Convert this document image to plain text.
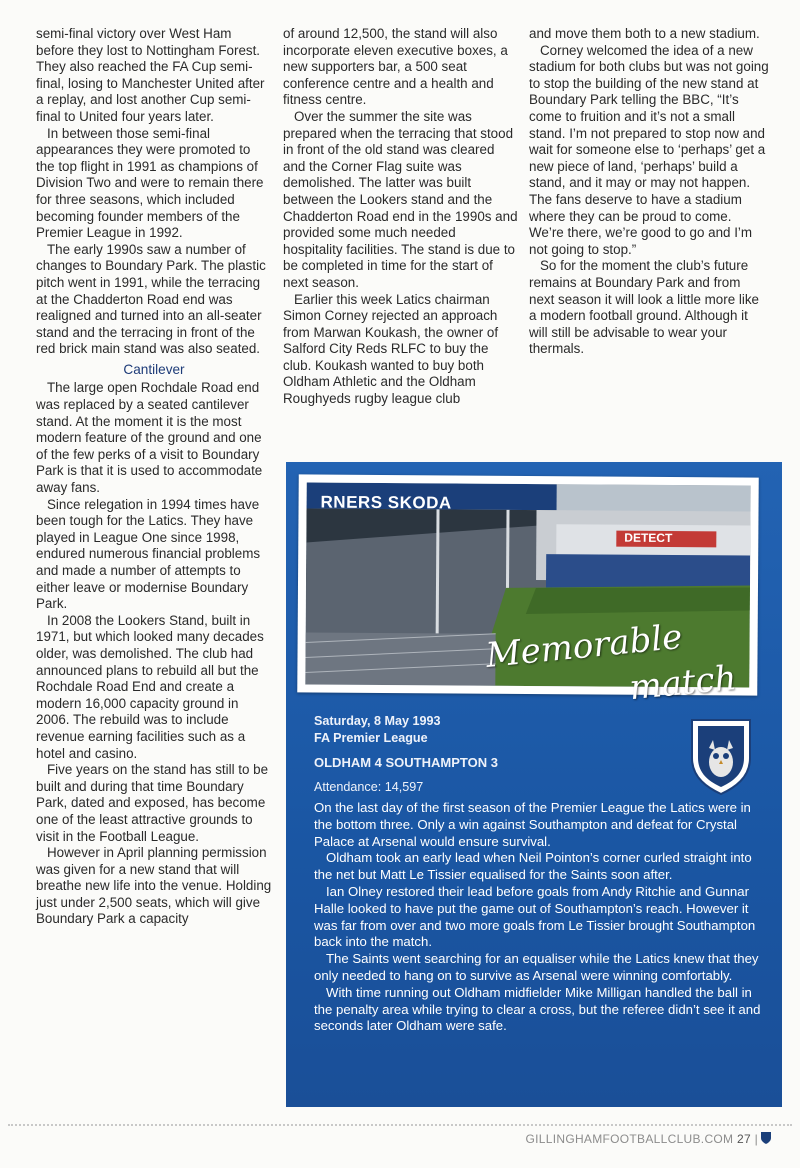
semi-final victory over West Ham before they lost to Nottingham Forest. They also reached the FA Cup semi-final, losing to Manchester United after a replay, and lost another Cup semi-final to United four years later.

In between those semi-final appearances they were promoted to the top flight in 1991 as champions of Division Two and were to remain there for three seasons, which included becoming founder members of the Premier League in 1992.

The early 1990s saw a number of changes to Boundary Park. The plastic pitch went in 1991, while the terracing at the Chadderton Road end was realigned and turned into an all-seater stand and the terracing in front of the red brick main stand was also seated.

Cantilever

The large open Rochdale Road end was replaced by a seated cantilever stand. At the moment it is the most modern feature of the ground and one of the few perks of a visit to Boundary Park is that it is used to accommodate away fans.

Since relegation in 1994 times have been tough for the Latics. They have played in League One since 1998, endured numerous financial problems and made a number of attempts to either leave or modernise Boundary Park.

In 2008 the Lookers Stand, built in 1971, but which looked many decades older, was demolished. The club had announced plans to rebuild all but the Rochdale Road End and create a modern 16,000 capacity ground in 2006. The rebuild was to include revenue earning facilities such as a hotel and casino.

Five years on the stand has still to be built and during that time Boundary Park, dated and exposed, has become one of the least attractive grounds to visit in the Football League.

However in April planning permission was given for a new stand that will breathe new life into the venue. Holding just under 2,500 seats, which will give Boundary Park a capacity

of around 12,500, the stand will also incorporate eleven executive boxes, a new supporters bar, a 500 seat conference centre and a health and fitness centre.

Over the summer the site was prepared when the terracing that stood in front of the old stand was cleared and the Corner Flag suite was demolished. The latter was built between the Lookers stand and the Chadderton Road end in the 1990s and provided some much needed hospitality facilities. The stand is due to be completed in time for the start of next season.

Earlier this week Latics chairman Simon Corney rejected an approach from Marwan Koukash, the owner of Salford City Reds RLFC to buy the club. Koukash wanted to buy both Oldham Athletic and the Oldham Roughyeds rugby league club

and move them both to a new stadium.

Corney welcomed the idea of a new stadium for both clubs but was not going to stop the building of the new stand at Boundary Park telling the BBC, “It’s come to fruition and it’s not a small stand. I’m not prepared to stop now and wait for someone else to ‘perhaps’ get a new piece of land, ‘perhaps’ build a stand, and it may or may not happen. The fans deserve to have a stadium where they can be proud to come. We’re there, we’re good to go and I’m not going to stop.”

So for the moment the club’s future remains at Boundary Park and from next season it will look a little more like a modern football ground. Although it will still be advisable to wear your thermals.

RNERS SKODA
DETECT
Memorable
match
Saturday, 8 May 1993
FA Premier League
OLDHAM 4 SOUTHAMPTON 3
Attendance: 14,597

On the last day of the first season of the Premier League the Latics were in the bottom three. Only a win against Southampton and defeat for Crystal Palace at Arsenal would ensure survival.

Oldham took an early lead when Neil Pointon’s corner curled straight into the net but Matt Le Tissier equalised for the Saints soon after.

Ian Olney restored their lead before goals from Andy Ritchie and Gunnar Halle looked to have put the game out of Southampton’s reach. However it was far from over and two more goals from Le Tissier brought Southampton back into the match.

The Saints went searching for an equaliser while the Latics knew that they only needed to hang on to survive as Arsenal were winning comfortably.

With time running out Oldham midfielder Mike Milligan handled the ball in the penalty area while trying to clear a cross, but the referee didn’t see it and seconds later Oldham were safe.

GILLINGHAMFOOTBALLCLUB.COM 27 |
